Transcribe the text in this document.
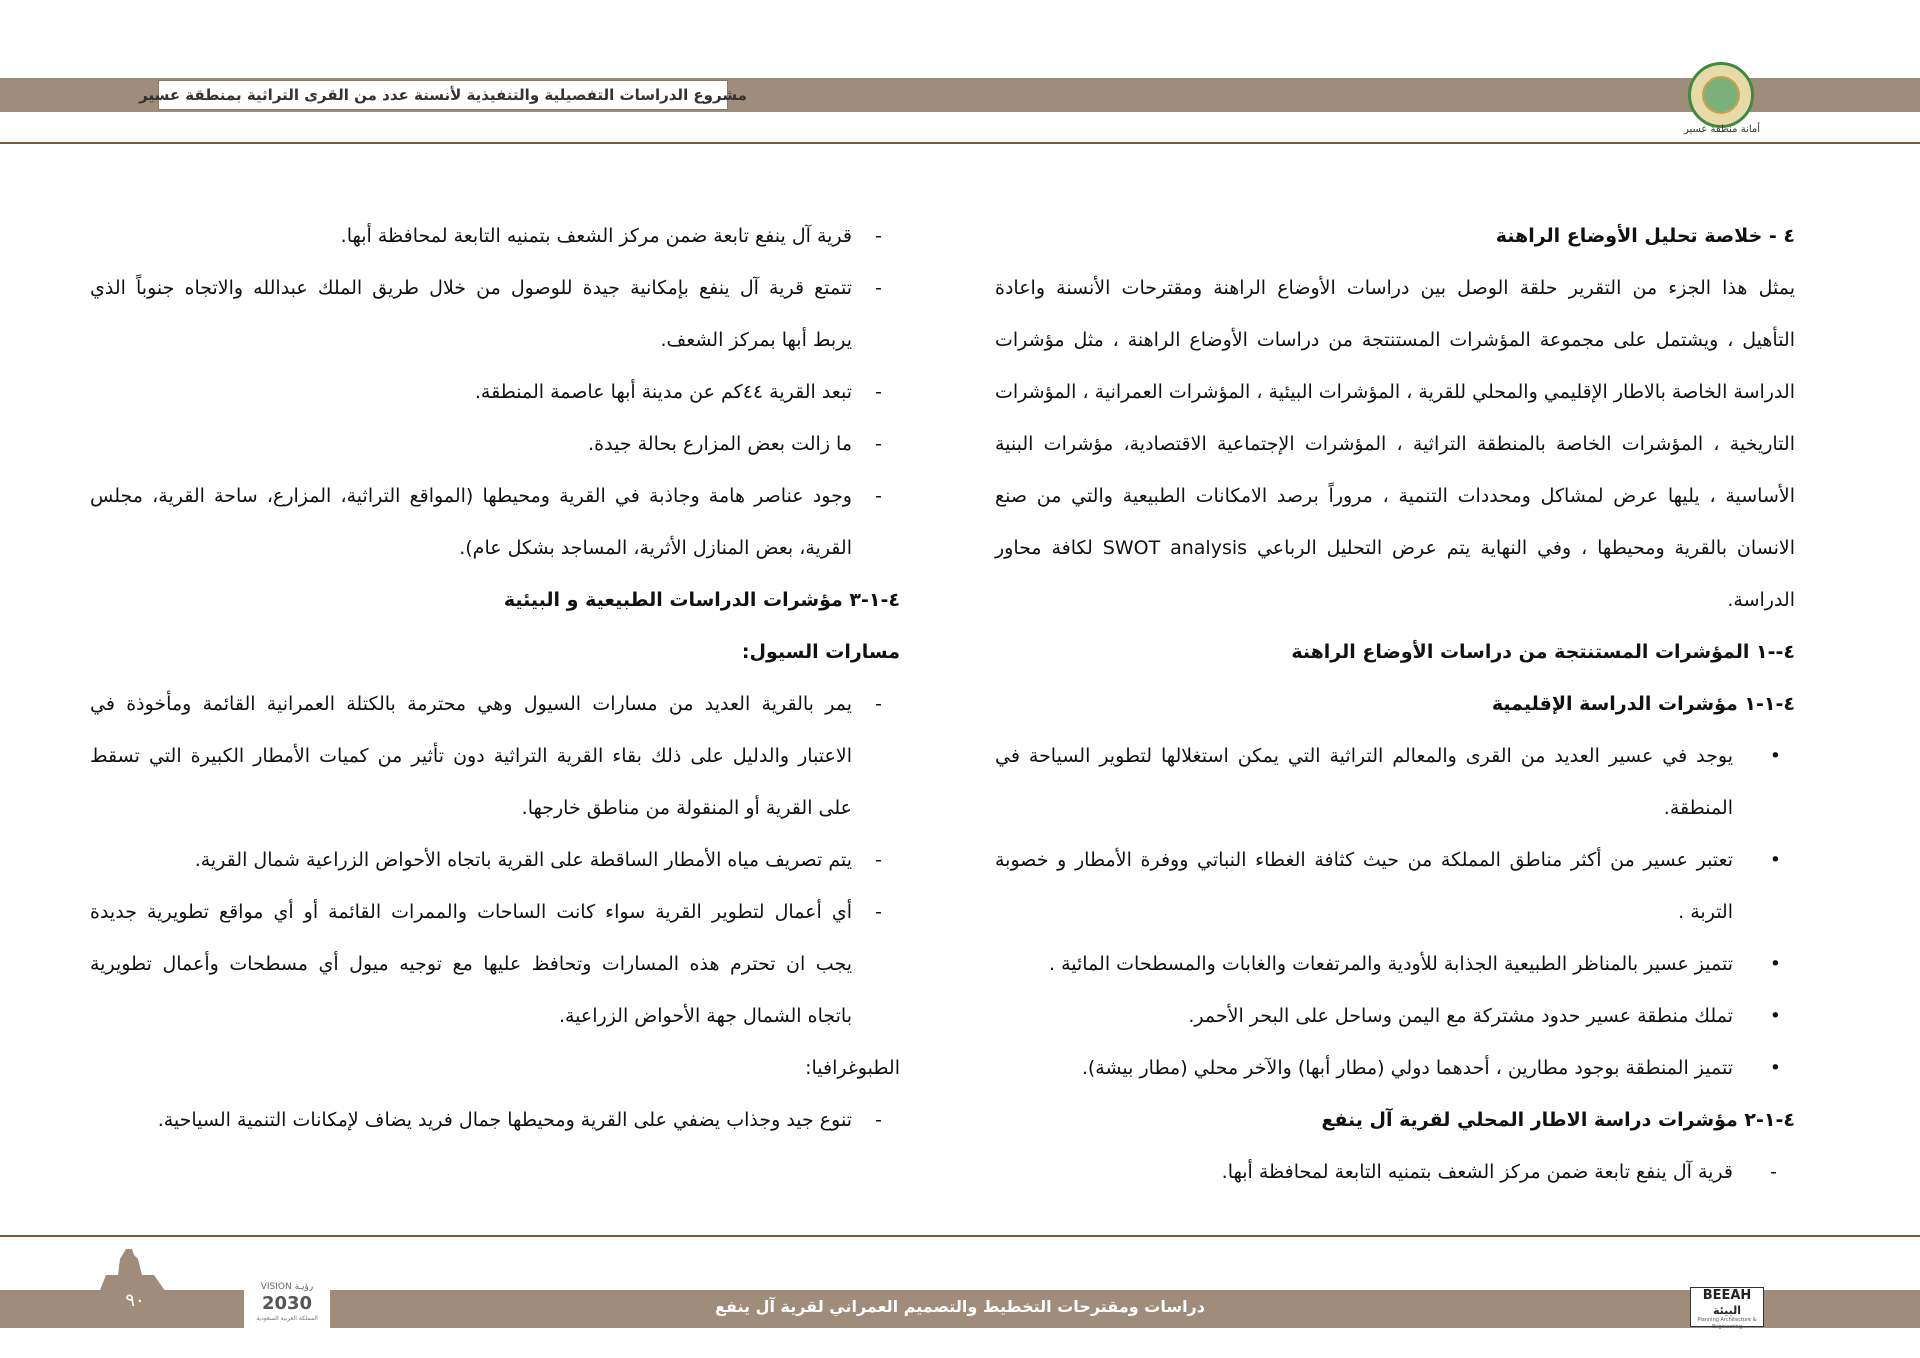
مشروع الدراسات التفصيلية والتنفيذية لأنسنة عدد من القرى التراثية بمنطقة عسير
أمانة منطقة عسير
٤ - خلاصة تحليل الأوضاع الراهنة
يمثل هذا الجزء من التقرير حلقة الوصل بين دراسات الأوضاع الراهنة ومقترحات الأنسنة واعادة
التأهيل ، ويشتمل على مجموعة المؤشرات المستنتجة من دراسات الأوضاع الراهنة ، مثل مؤشرات
الدراسة الخاصة بالاطار الإقليمي والمحلي للقرية ، المؤشرات البيئية ، المؤشرات العمرانية ، المؤشرات
التاريخية ، المؤشرات الخاصة بالمنطقة التراثية ، المؤشرات الإجتماعية الاقتصادية، مؤشرات البنية
الأساسية ، يليها عرض لمشاكل ومحددات التنمية ، مروراً برصد الامكانات الطبيعية والتي من صنع
الانسان بالقرية ومحيطها ، وفي النهاية يتم عرض التحليل الرباعي SWOT analysis لكافة محاور
الدراسة.
٤--١ المؤشرات المستنتجة من دراسات الأوضاع الراهنة
٤-١-١ مؤشرات الدراسة الإقليمية
•
يوجد في عسير العديد من القرى والمعالم التراثية التي يمكن استغلالها لتطوير السياحة في
المنطقة.
•
تعتبر عسير من أكثر مناطق المملكة من حيث كثافة الغطاء النباتي ووفرة الأمطار و خصوبة
التربة .
•
تتميز عسير بالمناظر الطبيعية الجذابة للأودية والمرتفعات والغابات والمسطحات المائية .
•
تملك منطقة عسير حدود مشتركة مع اليمن وساحل على البحر الأحمر.
•
تتميز المنطقة بوجود مطارين ، أحدهما دولي (مطار أبها) والآخر محلي (مطار بيشة).
٤-١-٢ مؤشرات دراسة الاطار المحلي لقرية آل ينفع
-
قرية آل ينفع تابعة ضمن مركز الشعف بتمنيه التابعة لمحافظة أبها.
-
قرية آل ينفع تابعة ضمن مركز الشعف بتمنيه التابعة لمحافظة أبها.
-
تتمتع قرية آل ينفع بإمكانية جيدة للوصول من خلال طريق الملك عبدالله والاتجاه جنوباً الذي
يربط أبها بمركز الشعف.
-
تبعد القرية ٤٤كم عن مدينة أبها عاصمة المنطقة.
-
ما زالت بعض المزارع بحالة جيدة.
-
وجود عناصر هامة وجاذبة في القرية ومحيطها (المواقع التراثية، المزارع، ساحة القرية، مجلس
القرية، بعض المنازل الأثرية، المساجد بشكل عام).
٤-١-٣ مؤشرات الدراسات الطبيعية و البيئية
مسارات السيول:
-
يمر بالقرية العديد من مسارات السيول وهي محترمة بالكتلة العمرانية القائمة ومأخوذة في
الاعتبار والدليل على ذلك بقاء القرية التراثية دون تأثير من كميات الأمطار الكبيرة التي تسقط
على القرية أو المنقولة من مناطق خارجها.
-
يتم تصريف مياه الأمطار الساقطة على القرية باتجاه الأحواض الزراعية شمال القرية.
-
أي أعمال لتطوير القرية سواء كانت الساحات والممرات القائمة أو أي مواقع تطويرية جديدة
يجب ان تحترم هذه المسارات وتحافظ عليها مع توجيه ميول أي مسطحات وأعمال تطويرية
باتجاه الشمال جهة الأحواض الزراعية.
الطبوغرافيا:
-
تنوع جيد وجذاب يضفي على القرية ومحيطها جمال فريد يضاف لإمكانات التنمية السياحية.
٩٠
VISION رؤيـة
2030
المملكة العربية السعودية
دراسات ومقترحات التخطيط والتصميم العمراني لقرية آل ينفع
BEEAH
البيئة
Planning Architecture & Engineering
